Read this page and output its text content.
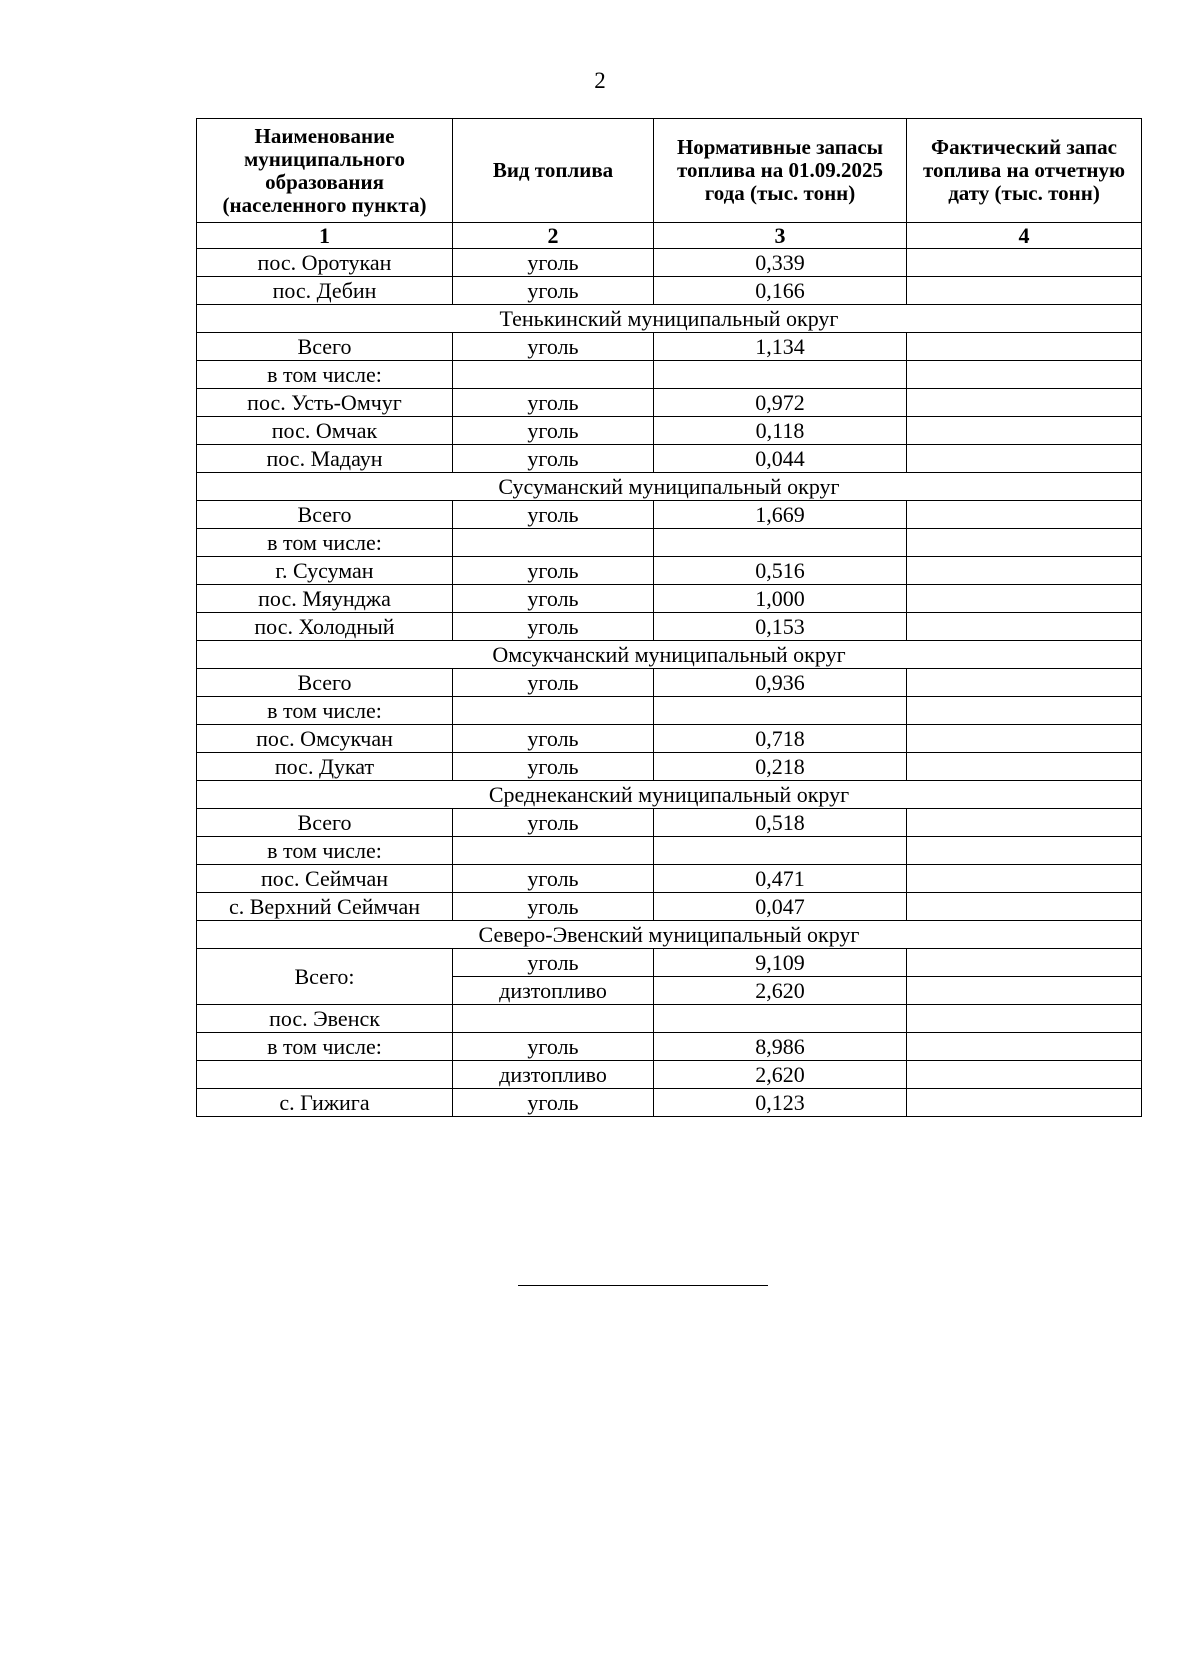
2
Наименование муниципального образования (населенного пункта)	Вид топлива	Нормативные запасы топлива на 01.09.2025 года (тыс. тонн)	Фактический запас топлива на отчетную дату (тыс. тонн)
1	2	3	4
пос. Оротукан	уголь	0,339	
пос. Дебин	уголь	0,166	
Тенькинский муниципальный округ			
Всего	уголь	1,134	
в том числе:			
пос. Усть-Омчуг	уголь	0,972	
пос. Омчак	уголь	0,118	
пос. Мадаун	уголь	0,044	
Сусуманский муниципальный округ			
Всего	уголь	1,669	
в том числе:			
г. Сусуман	уголь	0,516	
пос. Мяунджа	уголь	1,000	
пос. Холодный	уголь	0,153	
Омсукчанский муниципальный округ			
Всего	уголь	0,936	
в том числе:			
пос. Омсукчан	уголь	0,718	
пос. Дукат	уголь	0,218	
Среднеканский муниципальный округ			
Всего	уголь	0,518	
в том числе:			
пос. Сеймчан	уголь	0,471	
с. Верхний Сеймчан	уголь	0,047	
Северо-Эвенский муниципальный округ			
Всего:	уголь	9,109	
	дизтопливо	2,620	
пос. Эвенск			
в том числе:	уголь	8,986	
	дизтопливо	2,620	
с. Гижига	уголь	0,123	
